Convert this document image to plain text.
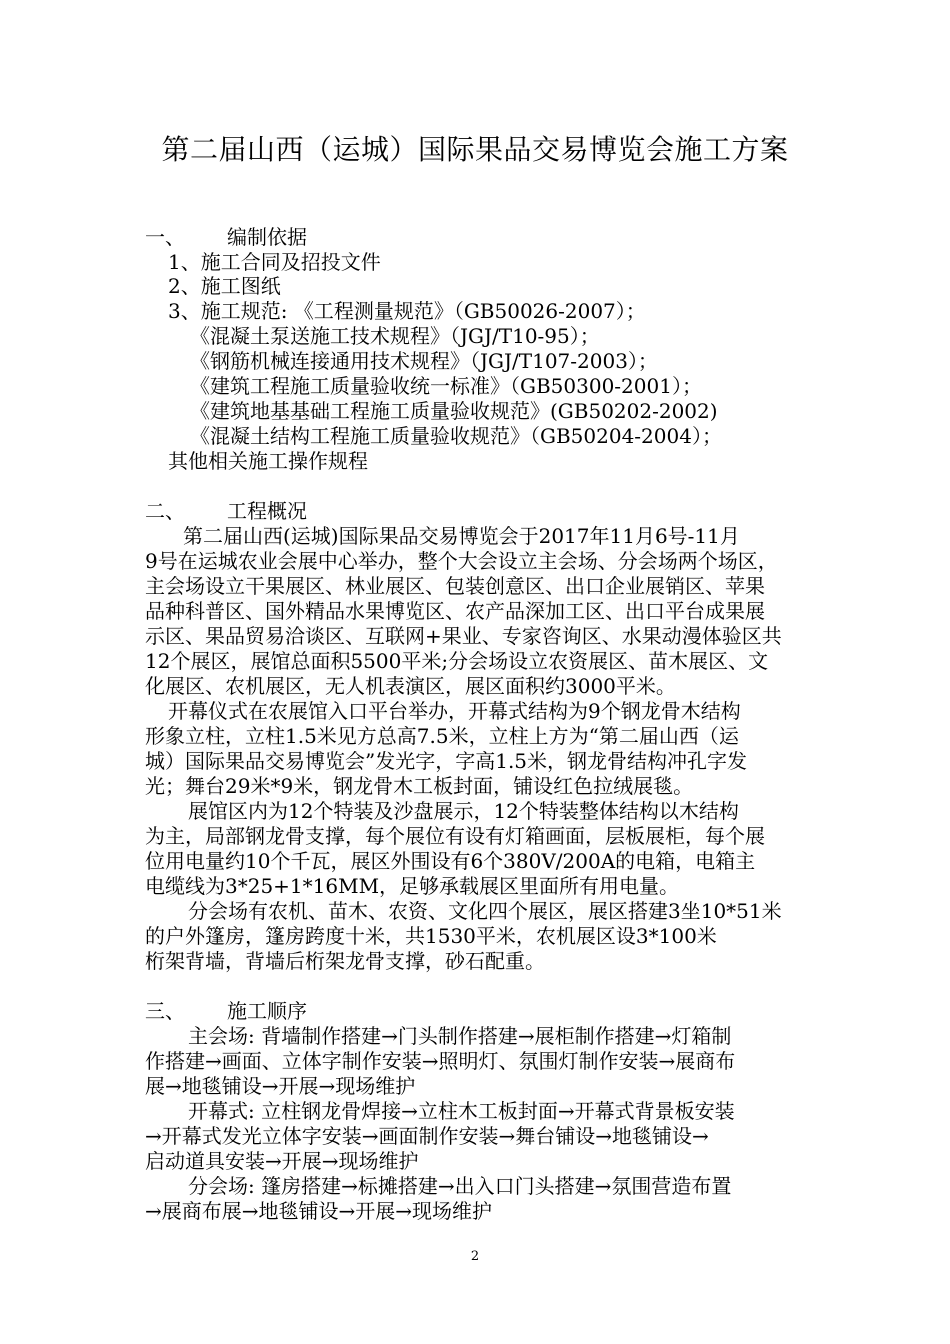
第二届山西（运城）国际果品交易博览会施工方案
一、 编制依据
1、施工合同及招投文件
2、施工图纸
3、施工规范: 《工程测量规范》（GB50026-2007）；
《混凝土泵送施工技术规程》（JGJ/T10-95）；
《钢筋机械连接通用技术规程》（JGJ/T107-2003）；
《建筑工程施工质量验收统一标准》（GB50300-2001）；
《建筑地基基础工程施工质量验收规范》(GB50202-2002)
《混凝土结构工程施工质量验收规范》（GB50204-2004）；
其他相关施工操作规程
二、 工程概况
第二届山西(运城)国际果品交易博览会于2017年11月6号-11月
9号在运城农业会展中心举办，整个大会设立主会场、分会场两个场区，
主会场设立干果展区、林业展区、包装创意区、出口企业展销区、苹果
品种科普区、国外精品水果博览区、农产品深加工区、出口平台成果展
示区、果品贸易洽谈区、互联网+果业、专家咨询区、水果动漫体验区共
12个展区，展馆总面积5500平米;分会场设立农资展区、苗木展区、文
化展区、农机展区，无人机表演区，展区面积约3000平米。
开幕仪式在农展馆入口平台举办，开幕式结构为9个钢龙骨木结构
形象立柱，立柱1.5米见方总高7.5米，立柱上方为“第二届山西（运
城）国际果品交易博览会”发光字，字高1.5米，钢龙骨结构冲孔字发
光；舞台29米*9米，钢龙骨木工板封面，铺设红色拉绒展毯。
展馆区内为12个特装及沙盘展示，12个特装整体结构以木结构
为主，局部钢龙骨支撑，每个展位有设有灯箱画面，层板展柜，每个展
位用电量约10个千瓦，展区外围设有6个380V/200A的电箱，电箱主
电缆线为3*25+1*16MM，足够承载展区里面所有用电量。
分会场有农机、苗木、农资、文化四个展区，展区搭建3坐10*51米
的户外篷房，篷房跨度十米，共1530平米，农机展区设3*100米
桁架背墙，背墙后桁架龙骨支撑，砂石配重。
三、 施工顺序
主会场: 背墙制作搭建→门头制作搭建→展柜制作搭建→灯箱制
作搭建→画面、立体字制作安装→照明灯、氛围灯制作安装→展商布
展→地毯铺设→开展→现场维护
开幕式: 立柱钢龙骨焊接→立柱木工板封面→开幕式背景板安装
→开幕式发光立体字安装→画面制作安装→舞台铺设→地毯铺设→
启动道具安装→开展→现场维护
分会场: 篷房搭建→标摊搭建→出入口门头搭建→氛围营造布置
→展商布展→地毯铺设→开展→现场维护
2
